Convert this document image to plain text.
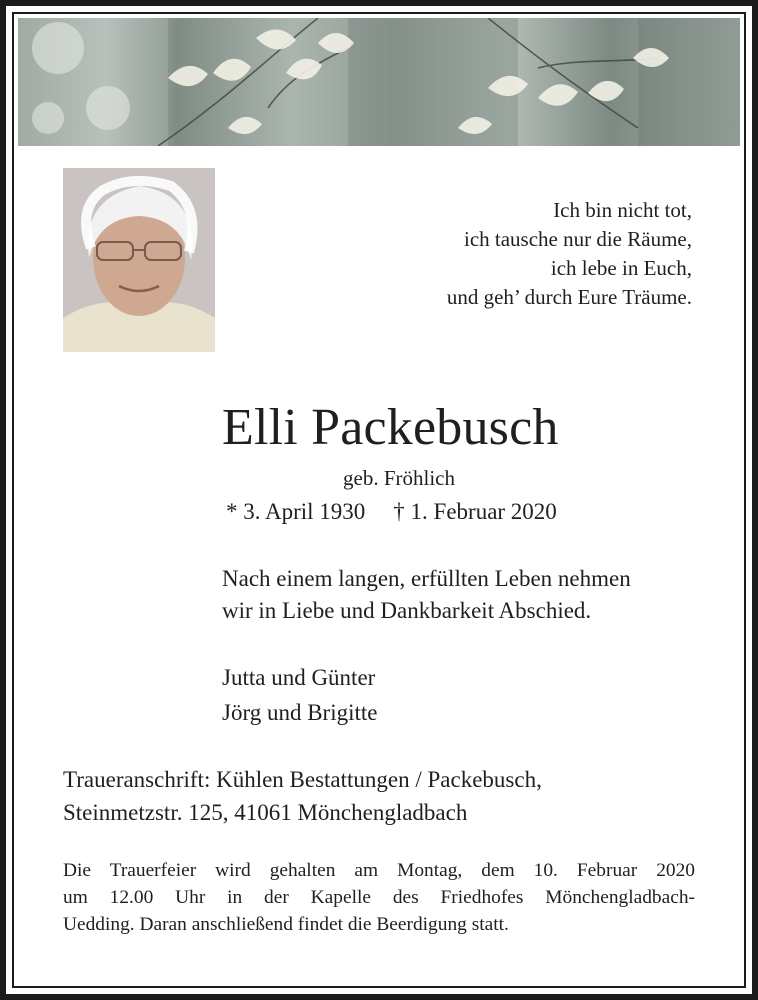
Ich bin nicht tot,
ich tausche nur die Räume,
ich lebe in Euch,
und geh’ durch Eure Träume.
Elli Packebusch
geb. Fröhlich
* 3. April 1930 † 1. Februar 2020
Nach einem langen, erfüllten Leben nehmen
wir in Liebe und Dankbarkeit Abschied.
Jutta und Günter
Jörg und Brigitte
Traueranschrift: Kühlen Bestattungen / Packebusch,
Steinmetzstr. 125, 41061 Mönchengladbach
Die Trauerfeier wird gehalten am Montag, dem 10. Februar 2020
um 12.00 Uhr in der Kapelle des Friedhofes Mönchengladbach-
Uedding. Daran anschließend findet die Beerdigung statt.
